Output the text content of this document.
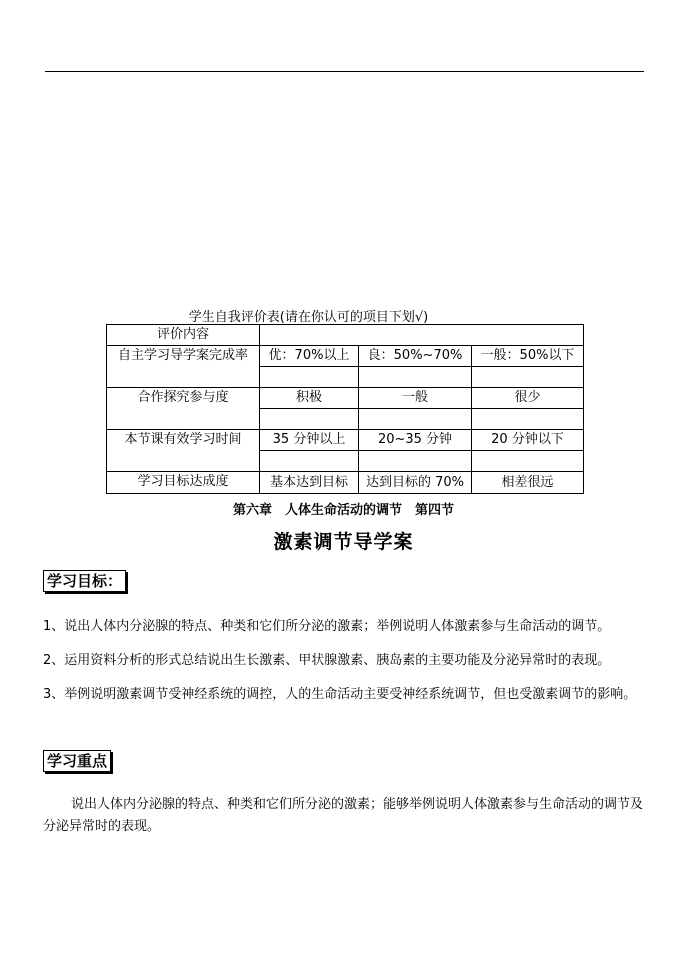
学生自我评价表(请在你认可的项目下划√)
评价内容			
自主学习导学案完成率	优：70%以上	良：50%~70%	一般：50%以下

合作探究参与度	积极	一般	很少

本节课有效学习时间	35 分钟以上	20~35 分钟	20 分钟以下

学习目标达成度	基本达到目标	达到目标的 70%	相差很远
第六章　人体生命活动的调节　第四节
激素调节导学案
学习目标：
1、说出人体内分泌腺的特点、种类和它们所分泌的激素；举例说明人体激素参与生命活动的调节。
2、运用资料分析的形式总结说出生长激素、甲状腺激素、胰岛素的主要功能及分泌异常时的表现。
3、举例说明激素调节受神经系统的调控，人的生命活动主要受神经系统调节，但也受激素调节的影响。
学习重点
说出人体内分泌腺的特点、种类和它们所分泌的激素；能够举例说明人体激素参与生命活动的调节及分泌异常时的表现。
